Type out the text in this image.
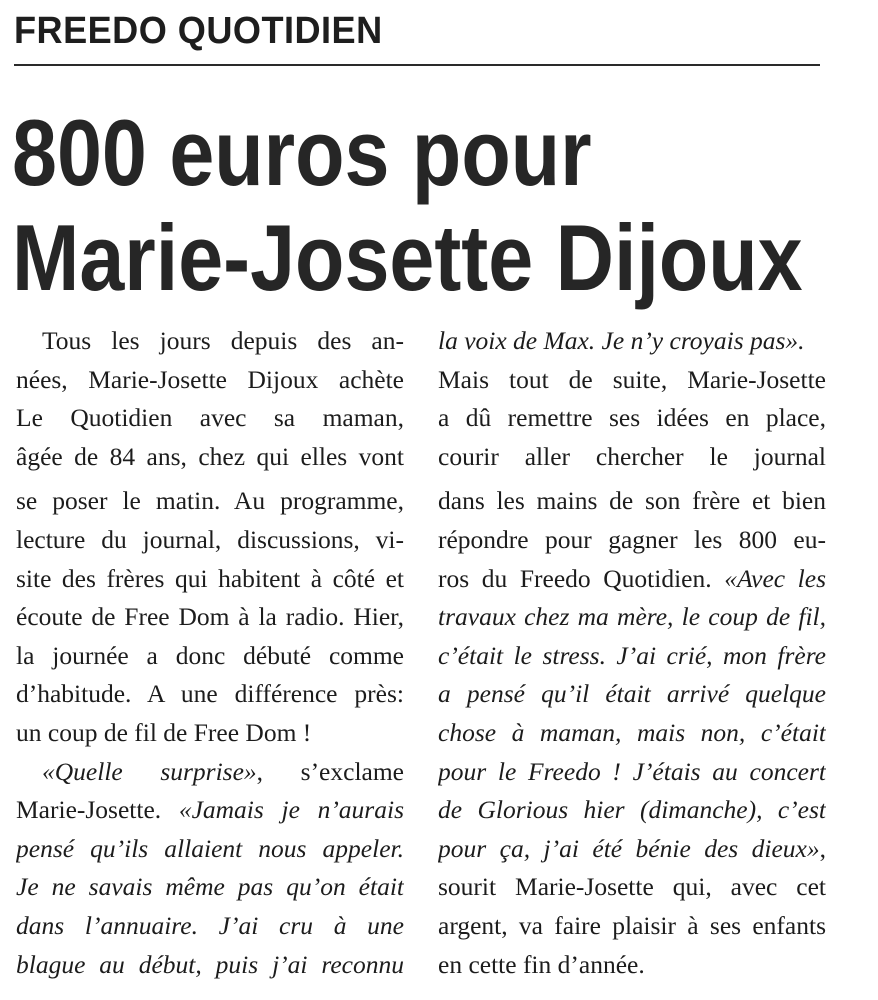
FREEDO QUOTIDIEN
800 euros pour
Marie-Josette Dijoux
Tous les jours depuis des an-
nées, Marie-Josette Dijoux achète
Le Quotidien avec sa maman,
âgée de 84 ans, chez qui elles vont
se poser le matin. Au programme,
lecture du journal, discussions, vi-
site des frères qui habitent à côté et
écoute de Free Dom à la radio. Hier,
la journée a donc débuté comme
d’habitude. A une différence près:
un coup de fil de Free Dom !
«Quelle surprise», s’exclame
Marie-Josette. «Jamais je n’aurais
pensé qu’ils allaient nous appeler.
Je ne savais même pas qu’on était
dans l’annuaire. J’ai cru à une
blague au début, puis j’ai reconnu
la voix de Max. Je n’y croyais pas».
Mais tout de suite, Marie-Josette
a dû remettre ses idées en place,
courir aller chercher le journal
dans les mains de son frère et bien
répondre pour gagner les 800 eu-
ros du Freedo Quotidien. «Avec les
travaux chez ma mère, le coup de fil,
c’était le stress. J’ai crié, mon frère
a pensé qu’il était arrivé quelque
chose à maman, mais non, c’était
pour le Freedo ! J’étais au concert
de Glorious hier (dimanche), c’est
pour ça, j’ai été bénie des dieux»,
sourit Marie-Josette qui, avec cet
argent, va faire plaisir à ses enfants
en cette fin d’année.
